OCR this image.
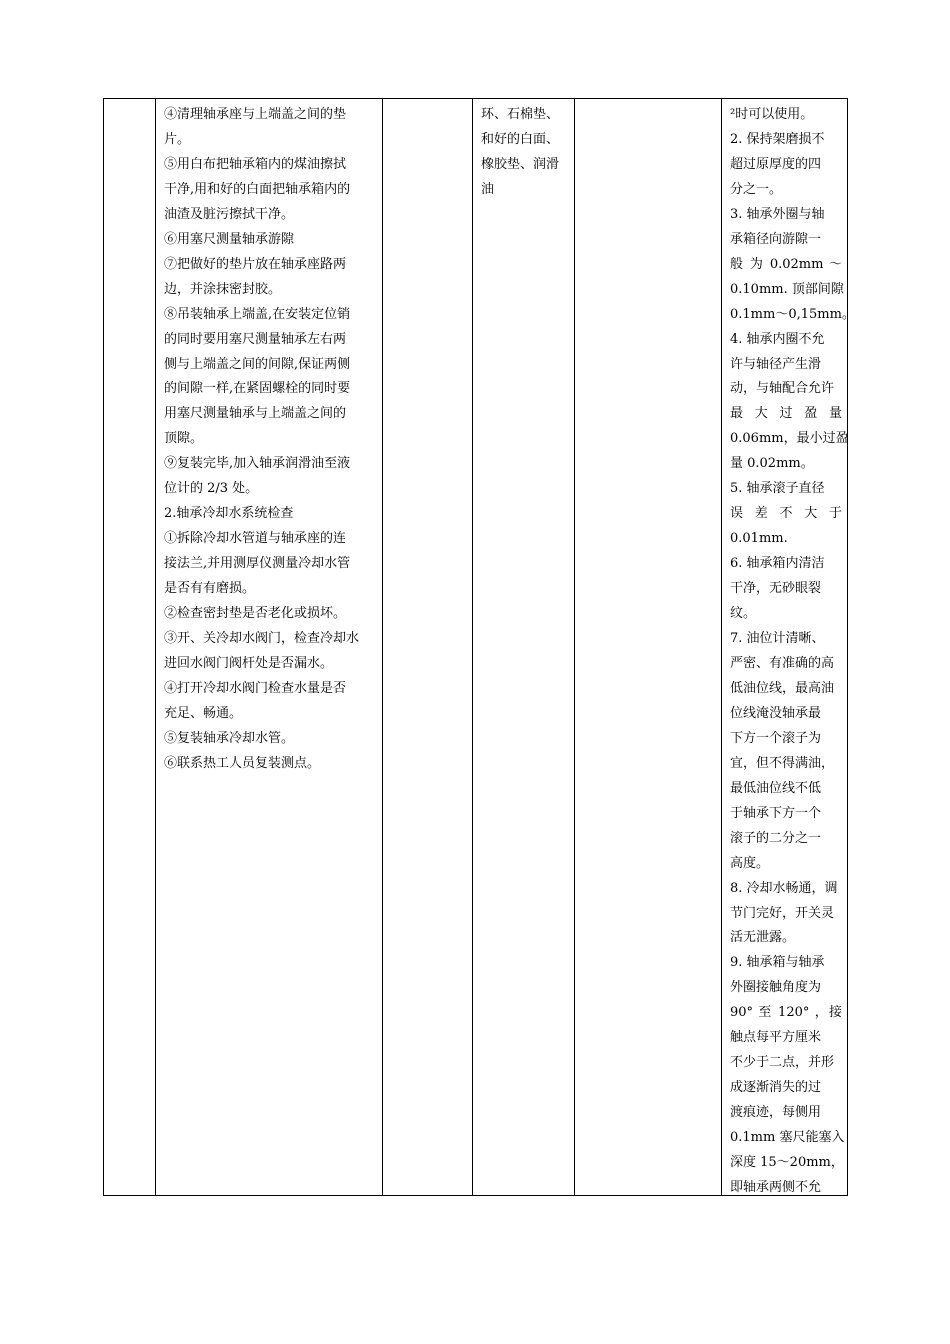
④清理轴承座与上端盖之间的垫
片。
⑤用白布把轴承箱内的煤油擦拭
干净,用和好的白面把轴承箱内的
油渣及脏污擦拭干净。
⑥用塞尺测量轴承游隙
⑦把做好的垫片放在轴承座路两
边，并涂抹密封胶。
⑧吊装轴承上端盖,在安装定位销
的同时要用塞尺测量轴承左右两
侧与上端盖之间的间隙,保证两侧
的间隙一样,在紧固螺栓的同时要
用塞尺测量轴承与上端盖之间的
顶隙。
⑨复装完毕,加入轴承润滑油至液
位计的 2/3 处。
2.轴承冷却水系统检查
①拆除冷却水管道与轴承座的连
接法兰,并用测厚仪测量冷却水管
是否有有磨损。
②检查密封垫是否老化或损坏。
③开、关冷却水阀门，检查冷却水
进回水阀门阀杆处是否漏水。
④打开冷却水阀门检查水量是否
充足、畅通。
⑤复装轴承冷却水管。
⑥联系热工人员复装测点。
环、石棉垫、
和好的白面、
橡胶垫、润滑
油
²时可以使用。
2. 保持架磨损不
超过原厚度的四
分之一。
3. 轴承外圈与轴
承箱径向游隙一
般 为 0.02mm ～
0.10mm. 顶部间隙
0.1mm～0,15mm。
4. 轴承内圈不允
许与轴径产生滑
动，与轴配合允许
最 大 过 盈 量
0.06mm，最小过盈
量 0.02mm。
5. 轴承滚子直径
误 差 不 大 于
0.01mm.
6. 轴承箱内清洁
干净，无砂眼裂
纹。
7. 油位计清晰、
严密、有准确的高
低油位线，最高油
位线淹没轴承最
下方一个滚子为
宜，但不得满油，
最低油位线不低
于轴承下方一个
滚子的二分之一
高度。
8. 冷却水畅通，调
节门完好，开关灵
活无泄露。
9. 轴承箱与轴承
外圈接触角度为
90° 至 120° ，接
触点每平方厘米
不少于二点，并形
成逐渐消失的过
渡痕迹，每侧用
0.1mm 塞尺能塞入
深度 15～20mm，
即轴承两侧不允
